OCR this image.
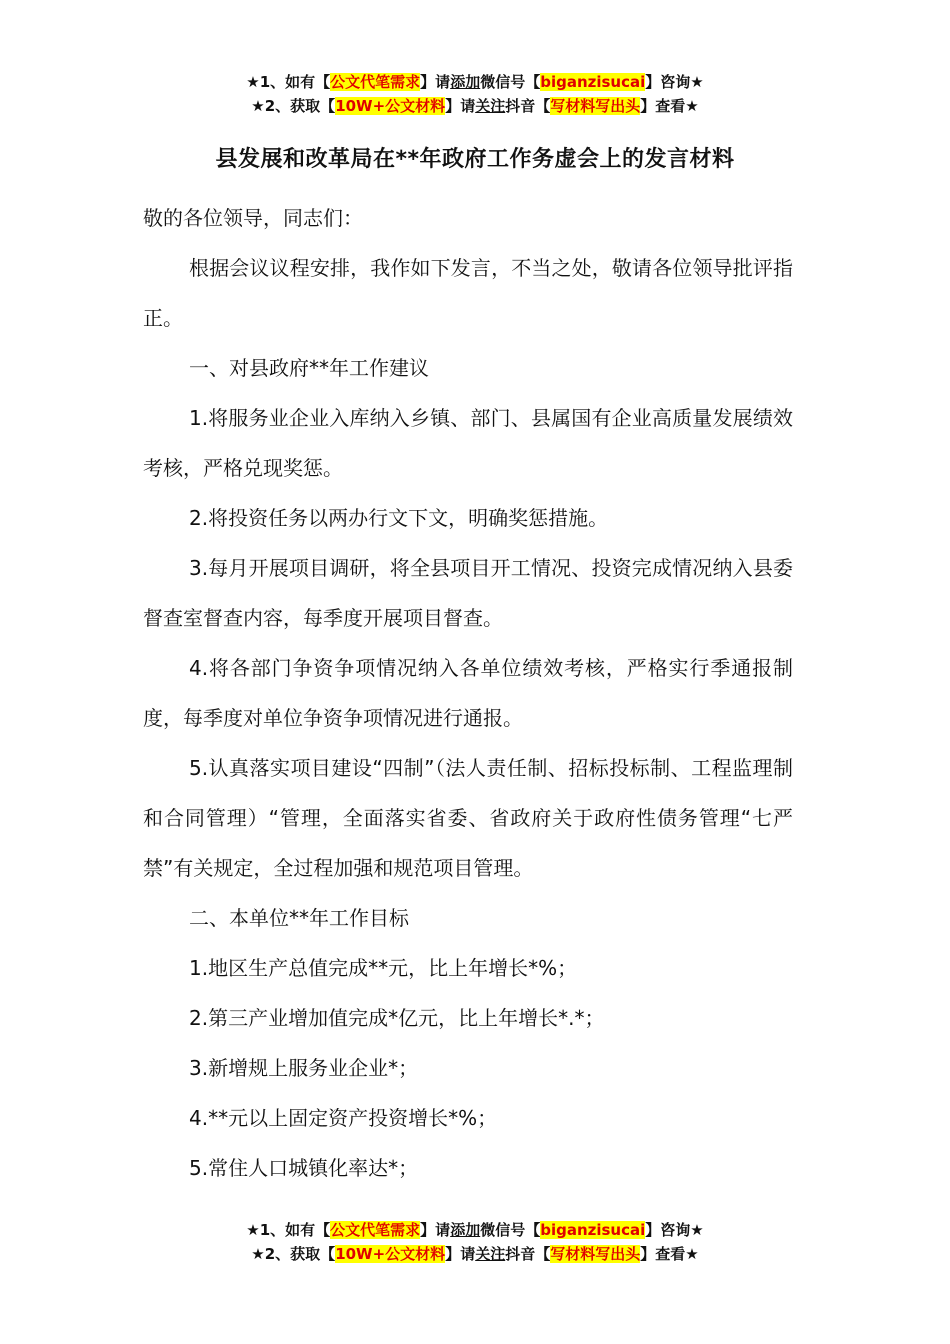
★1、如有【公文代笔需求】请添加微信号【biganzisucai】咨询★
★2、获取【10W+公文材料】请关注抖音【写材料写出头】查看★
县发展和改革局在**年政府工作务虚会上的发言材料

敬的各位领导，同志们：

根据会议议程安排，我作如下发言，不当之处，敬请各位领导批评指正。

一、对县政府**年工作建议

1.将服务业企业入库纳入乡镇、部门、县属国有企业高质量发展绩效考核，严格兑现奖惩。

2.将投资任务以两办行文下文，明确奖惩措施。

3.每月开展项目调研，将全县项目开工情况、投资完成情况纳入县委督查室督查内容，每季度开展项目督查。

4.将各部门争资争项情况纳入各单位绩效考核，严格实行季通报制度，每季度对单位争资争项情况进行通报。

5.认真落实项目建设“四制”（法人责任制、招标投标制、工程监理制和合同管理）“管理，全面落实省委、省政府关于政府性债务管理“七严禁”有关规定，全过程加强和规范项目管理。

二、本单位**年工作目标

1.地区生产总值完成**元，比上年增长*%；

2.第三产业增加值完成*亿元，比上年增长*.*；

3.新增规上服务业企业*；

4.**元以上固定资产投资增长*%；

5.常住人口城镇化率达*；

★1、如有【公文代笔需求】请添加微信号【biganzisucai】咨询★
★2、获取【10W+公文材料】请关注抖音【写材料写出头】查看★
